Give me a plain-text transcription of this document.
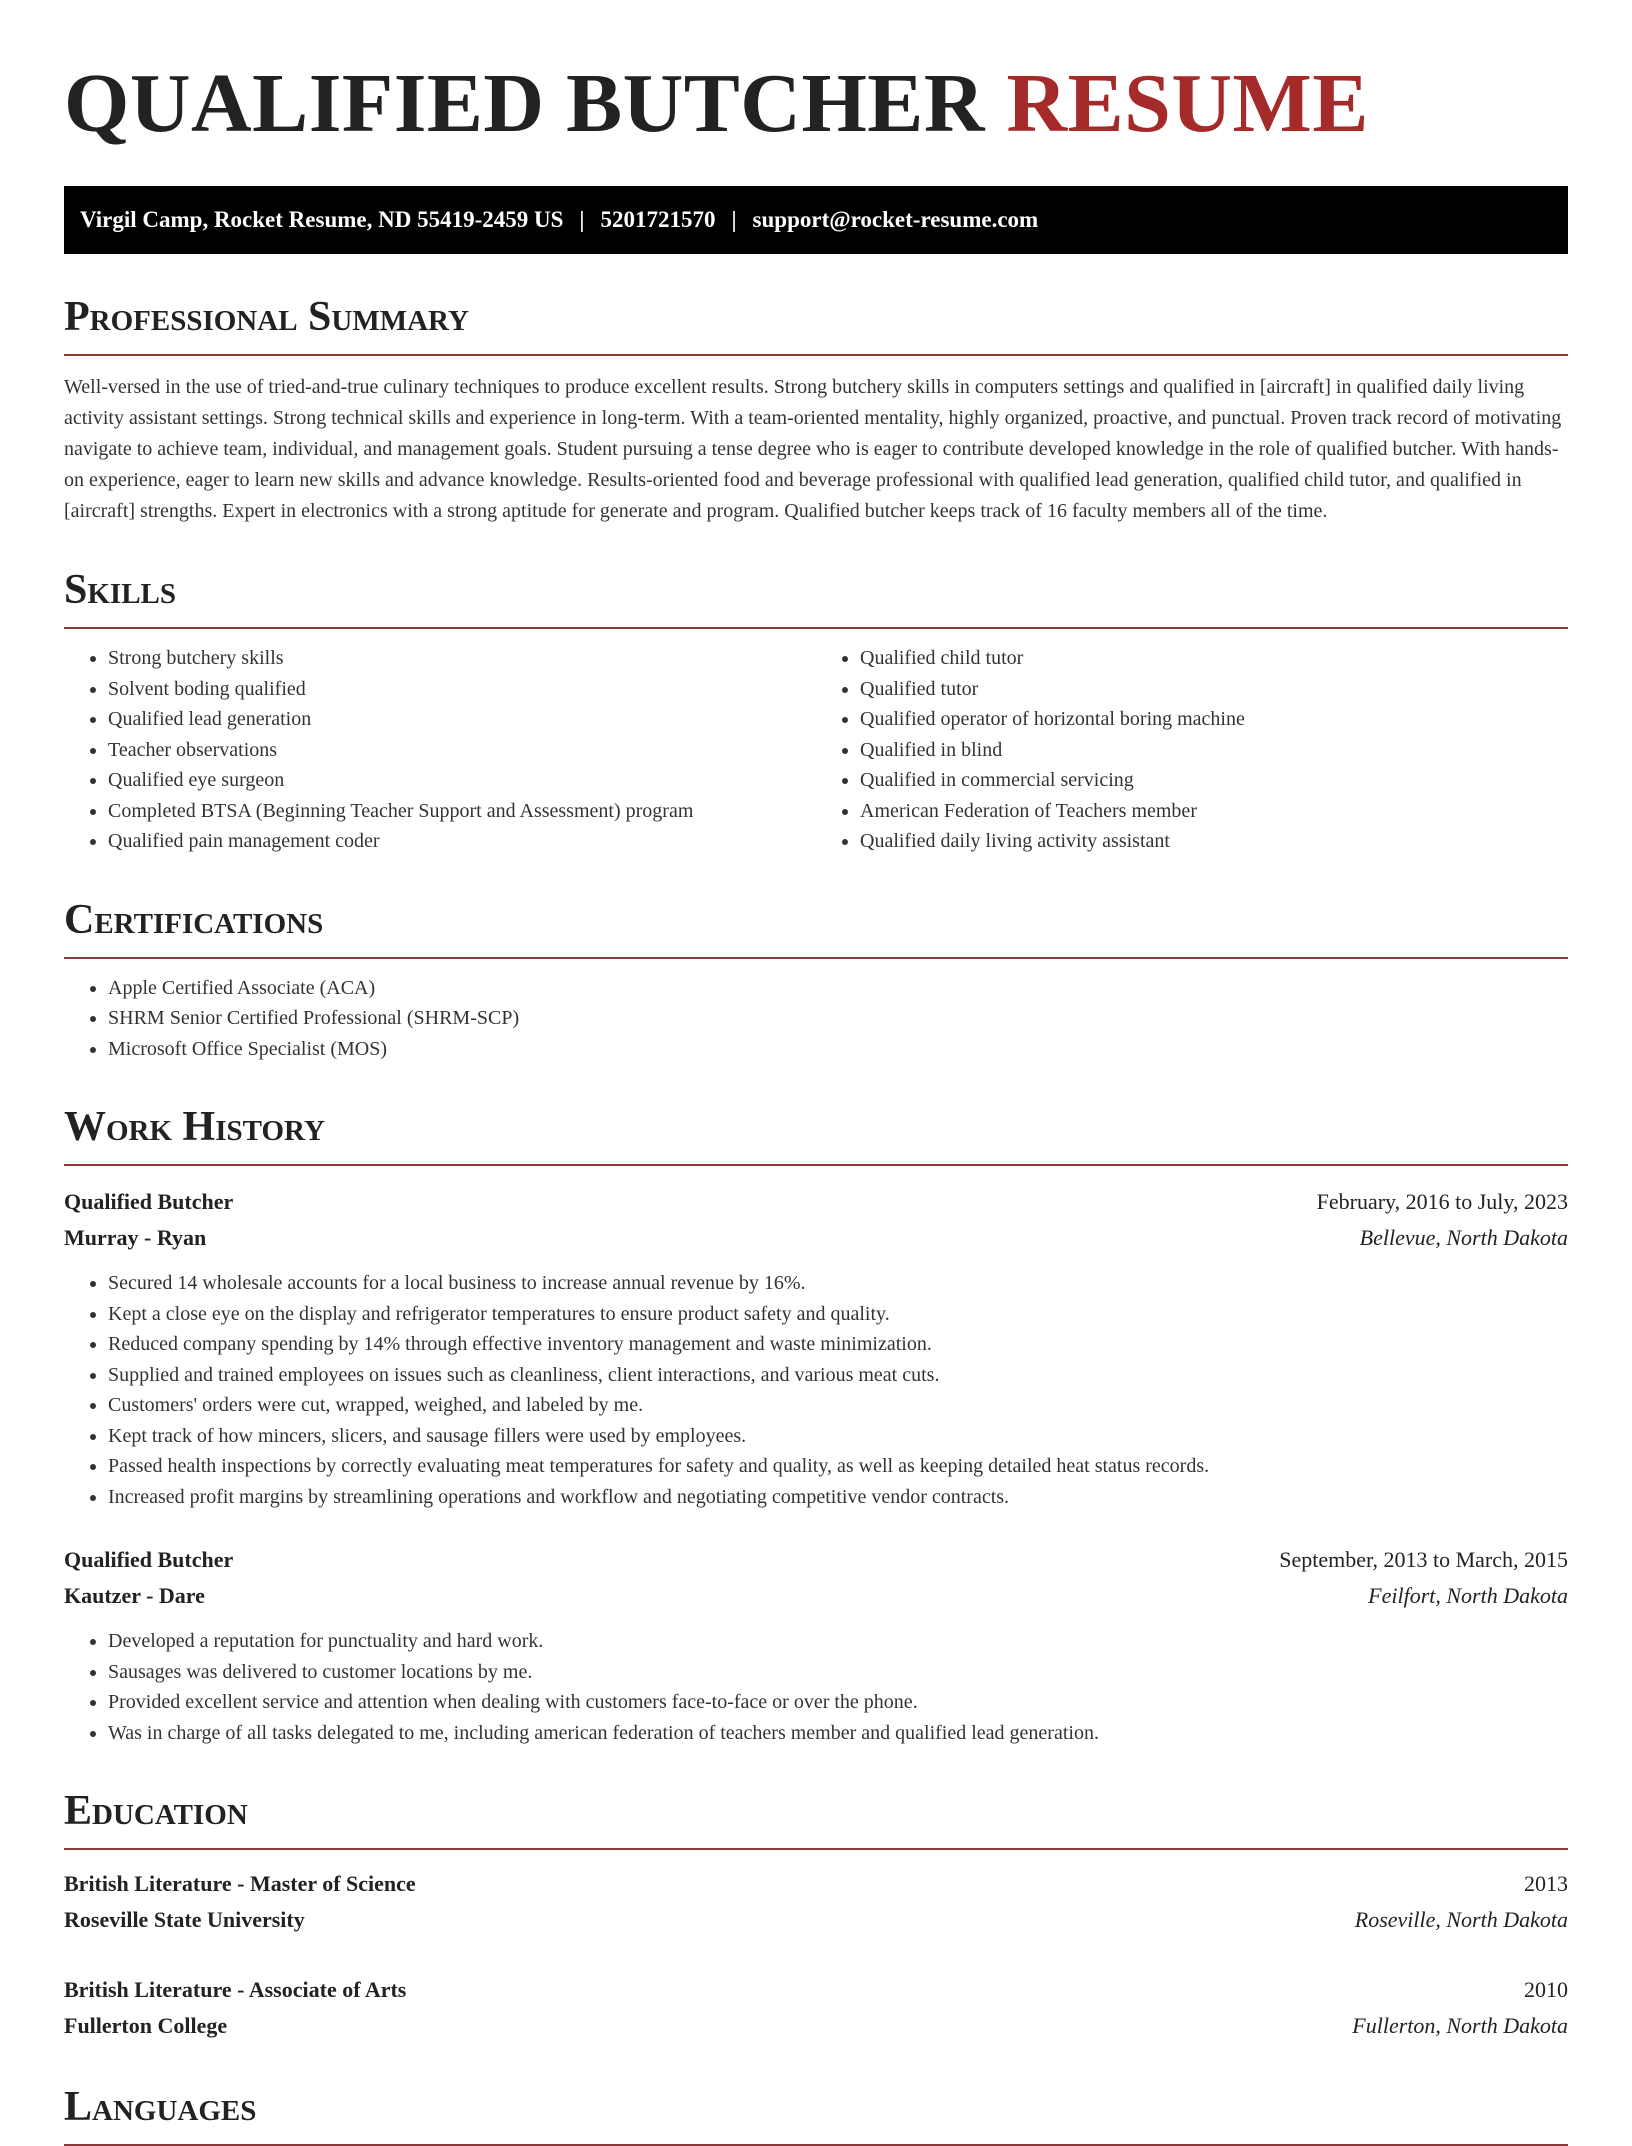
QUALIFIED BUTCHER RESUME
Virgil Camp, Rocket Resume, ND 55419-2459 US | 5201721570 | support@rocket-resume.com
Professional Summary

Well-versed in the use of tried-and-true culinary techniques to produce excellent results. Strong butchery skills in computers settings and qualified in [aircraft] in qualified daily living activity assistant settings. Strong technical skills and experience in long-term. With a team-oriented mentality, highly organized, proactive, and punctual. Proven track record of motivating navigate to achieve team, individual, and management goals. Student pursuing a tense degree who is eager to contribute developed knowledge in the role of qualified butcher. With hands-on experience, eager to learn new skills and advance knowledge. Results-oriented food and beverage professional with qualified lead generation, qualified child tutor, and qualified in [aircraft] strengths. Expert in electronics with a strong aptitude for generate and program. Qualified butcher keeps track of 16 faculty members all of the time.

Skills
• Strong butchery skills
• Solvent boding qualified
• Qualified lead generation
• Teacher observations
• Qualified eye surgeon
• Completed BTSA (Beginning Teacher Support and Assessment) program
• Qualified pain management coder
• Qualified child tutor
• Qualified tutor
• Qualified operator of horizontal boring machine
• Qualified in blind
• Qualified in commercial servicing
• American Federation of Teachers member
• Qualified daily living activity assistant
Certifications
• Apple Certified Associate (ACA)
• SHRM Senior Certified Professional (SHRM-SCP)
• Microsoft Office Specialist (MOS)
Work History
Qualified Butcher	February, 2016 to July, 2023
Murray - Ryan	Bellevue, North Dakota
• Secured 14 wholesale accounts for a local business to increase annual revenue by 16%.
• Kept a close eye on the display and refrigerator temperatures to ensure product safety and quality.
• Reduced company spending by 14% through effective inventory management and waste minimization.
• Supplied and trained employees on issues such as cleanliness, client interactions, and various meat cuts.
• Customers' orders were cut, wrapped, weighed, and labeled by me.
• Kept track of how mincers, slicers, and sausage fillers were used by employees.
• Passed health inspections by correctly evaluating meat temperatures for safety and quality, as well as keeping detailed heat status records.
• Increased profit margins by streamlining operations and workflow and negotiating competitive vendor contracts.
Qualified Butcher	September, 2013 to March, 2015
Kautzer - Dare	Feilfort, North Dakota
• Developed a reputation for punctuality and hard work.
• Sausages was delivered to customer locations by me.
• Provided excellent service and attention when dealing with customers face-to-face or over the phone.
• Was in charge of all tasks delegated to me, including american federation of teachers member and qualified lead generation.
Education
British Literature - Master of Science	2013
Roseville State University	Roseville, North Dakota
British Literature - Associate of Arts	2010
Fullerton College	Fullerton, North Dakota
Languages
